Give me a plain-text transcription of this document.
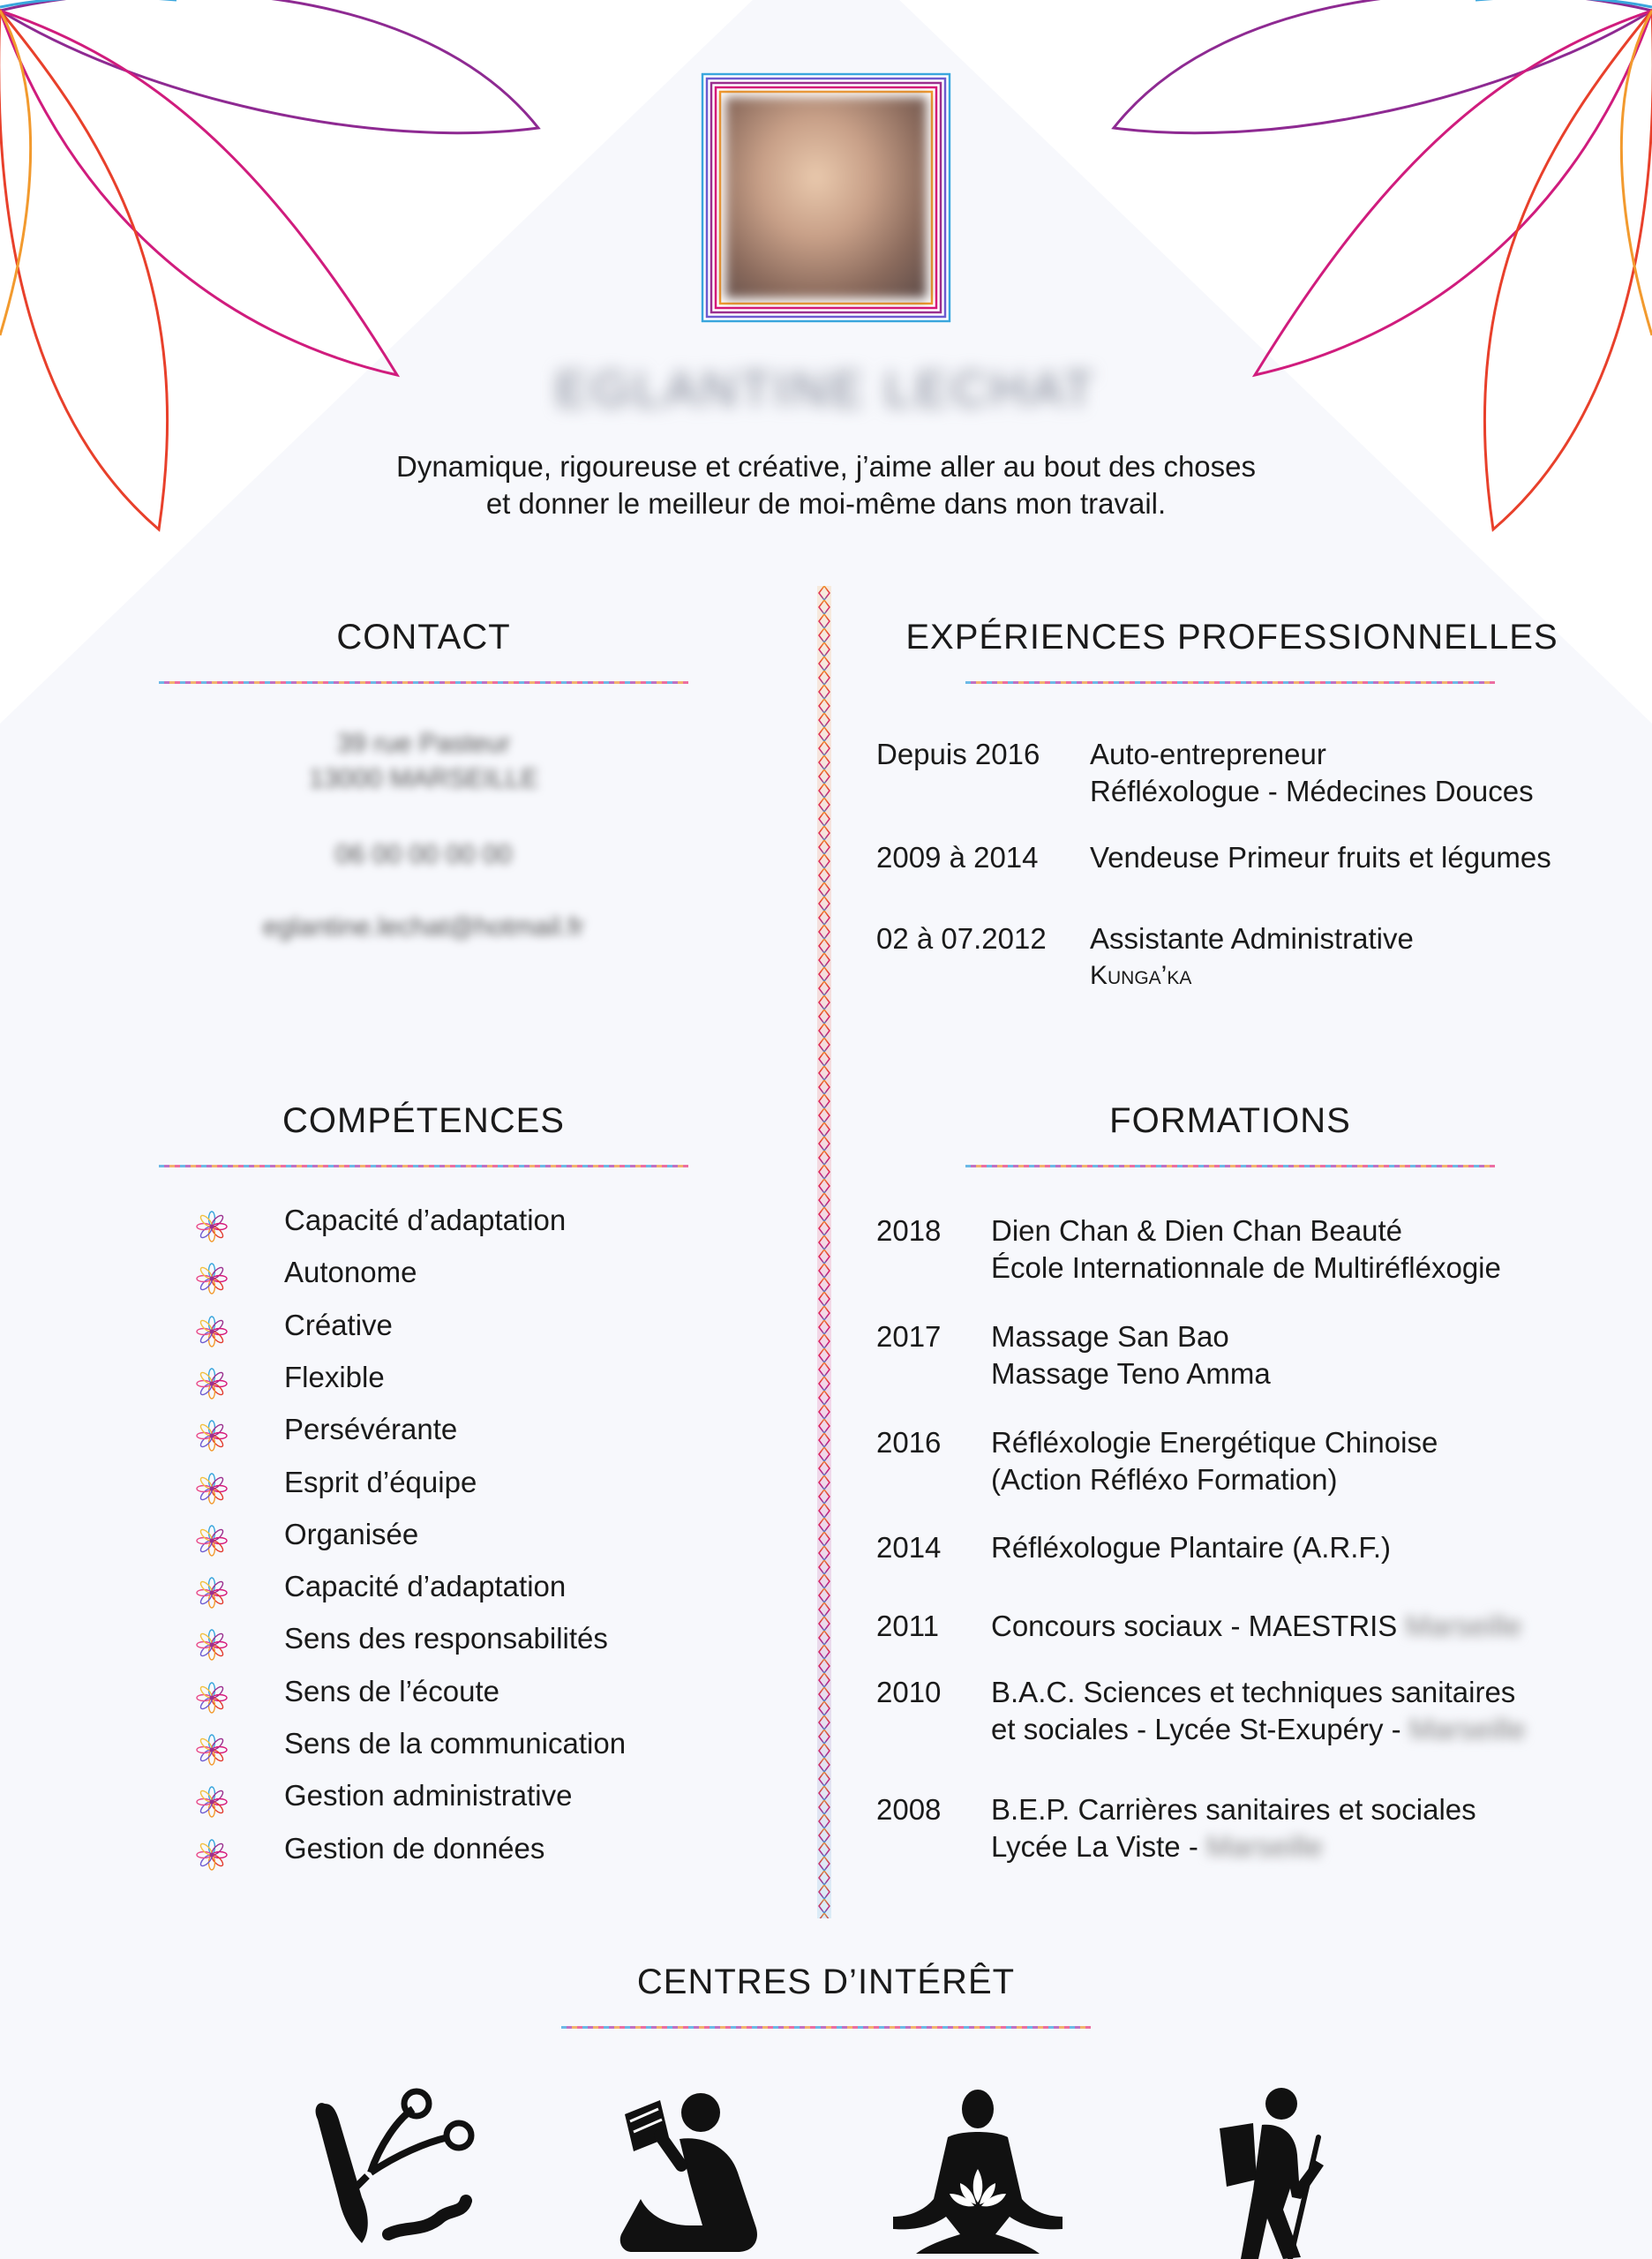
EGLANTINE LECHAT
Dynamique, rigoureuse et créative, j’aime aller au bout des choses
et donner le meilleur de moi-même dans mon travail.
CONTACT
39 rue Pasteur
13000 MARSEILLE
06 00 00 00 00
eglantine.lechat@hotmail.fr
EXPÉRIENCES PROFESSIONNELLES
Depuis 2016 Auto-entrepreneur
Réfléxologue - Médecines Douces
2009 à 2014 Vendeuse Primeur fruits et légumes
02 à 07.2012 Assistante Administrative
Kunga’ka
COMPÉTENCES
Capacité d’adaptation
Autonome
Créative
Flexible
Persévérante
Esprit d’équipe
Organisée
Capacité d’adaptation
Sens des responsabilités
Sens de l’écoute
Sens de la communication
Gestion administrative
Gestion de données
FORMATIONS
2018 Dien Chan & Dien Chan Beauté
École Internationnale de Multiréfléxogie
2017 Massage San Bao
Massage Teno Amma
2016 Réfléxologie Energétique Chinoise
(Action Réfléxo Formation)
2014 Réfléxologue Plantaire (A.R.F.)
2011 Concours sociaux - MAESTRIS Marseille
2010 B.A.C. Sciences et techniques sanitaires
et sociales - Lycée St-Exupéry - Marseille
2008 B.E.P. Carrières sanitaires et sociales
Lycée La Viste - Marseille
CENTRES D’INTÉRÊT
